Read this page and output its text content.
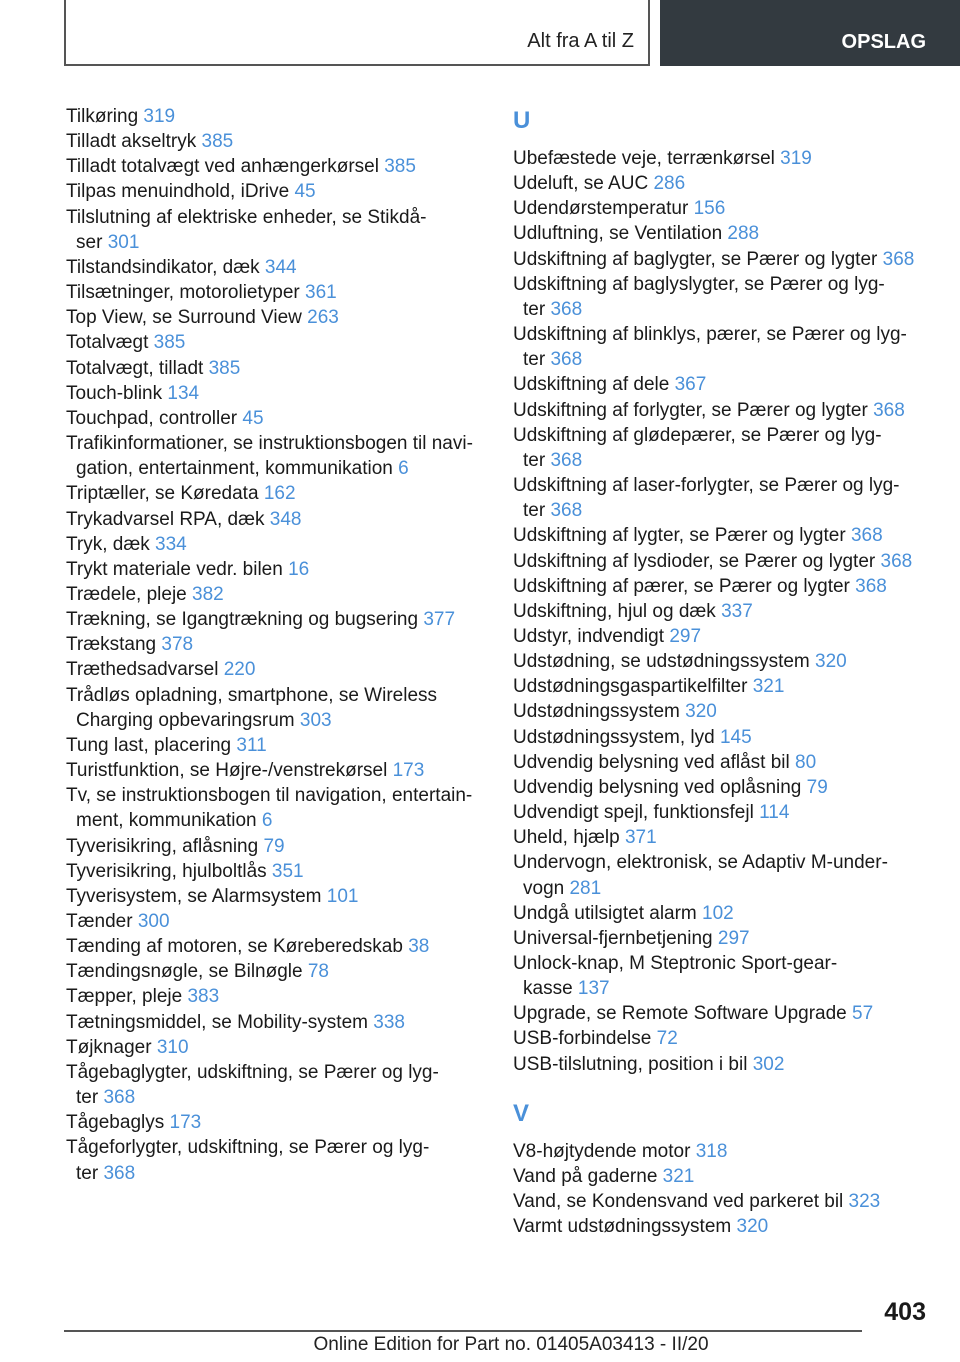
Alt fra A til Z	OPSLAG
Tilkøring 319
Tilladt akseltryk 385
Tilladt totalvægt ved anhængerkørsel 385
Tilpas menuindhold, iDrive 45
Tilslutning af elektriske enheder, se Stikdå-
ser 301
Tilstandsindikator, dæk 344
Tilsætninger, motorolietyper 361
Top View, se Surround View 263
Totalvægt 385
Totalvægt, tilladt 385
Touch-blink 134
Touchpad, controller 45
Trafikinformationer, se instruktionsbogen til navi-
gation, entertainment, kommunikation 6
Triptæller, se Køredata 162
Trykadvarsel RPA, dæk 348
Tryk, dæk 334
Trykt materiale vedr. bilen 16
Trædele, pleje 382
Trækning, se Igangtrækning og bugsering 377
Trækstang 378
Træthedsadvarsel 220
Trådløs opladning, smartphone, se Wireless
Charging opbevaringsrum 303
Tung last, placering 311
Turistfunktion, se Højre-/venstrekørsel 173
Tv, se instruktionsbogen til navigation, entertain-
ment, kommunikation 6
Tyverisikring, aflåsning 79
Tyverisikring, hjulboltlås 351
Tyverisystem, se Alarmsystem 101
Tænder 300
Tænding af motoren, se Køreberedskab 38
Tændingsnøgle, se Bilnøgle 78
Tæpper, pleje 383
Tætningsmiddel, se Mobility-system 338
Tøjknager 310
Tågebaglygter, udskiftning, se Pærer og lyg-
ter 368
Tågebaglys 173
Tågeforlygter, udskiftning, se Pærer og lyg-
ter 368
U
Ubefæstede veje, terrænkørsel 319
Udeluft, se AUC 286
Udendørstemperatur 156
Udluftning, se Ventilation 288
Udskiftning af baglygter, se Pærer og lygter 368
Udskiftning af baglyslygter, se Pærer og lyg-
ter 368
Udskiftning af blinklys, pærer, se Pærer og lyg-
ter 368
Udskiftning af dele 367
Udskiftning af forlygter, se Pærer og lygter 368
Udskiftning af glødepærer, se Pærer og lyg-
ter 368
Udskiftning af laser-forlygter, se Pærer og lyg-
ter 368
Udskiftning af lygter, se Pærer og lygter 368
Udskiftning af lysdioder, se Pærer og lygter 368
Udskiftning af pærer, se Pærer og lygter 368
Udskiftning, hjul og dæk 337
Udstyr, indvendigt 297
Udstødning, se udstødningssystem 320
Udstødningsgaspartikelfilter 321
Udstødningssystem 320
Udstødningssystem, lyd 145
Udvendig belysning ved aflåst bil 80
Udvendig belysning ved oplåsning 79
Udvendigt spejl, funktionsfejl 114
Uheld, hjælp 371
Undervogn, elektronisk, se Adaptiv M-under-
vogn 281
Undgå utilsigtet alarm 102
Universal-fjernbetjening 297
Unlock-knap, M Steptronic Sport-gear-
kasse 137
Upgrade, se Remote Software Upgrade 57
USB-forbindelse 72
USB-tilslutning, position i bil 302
V
V8-højtydende motor 318
Vand på gaderne 321
Vand, se Kondensvand ved parkeret bil 323
Varmt udstødningssystem 320
403
Online Edition for Part no. 01405A03413 - II/20
